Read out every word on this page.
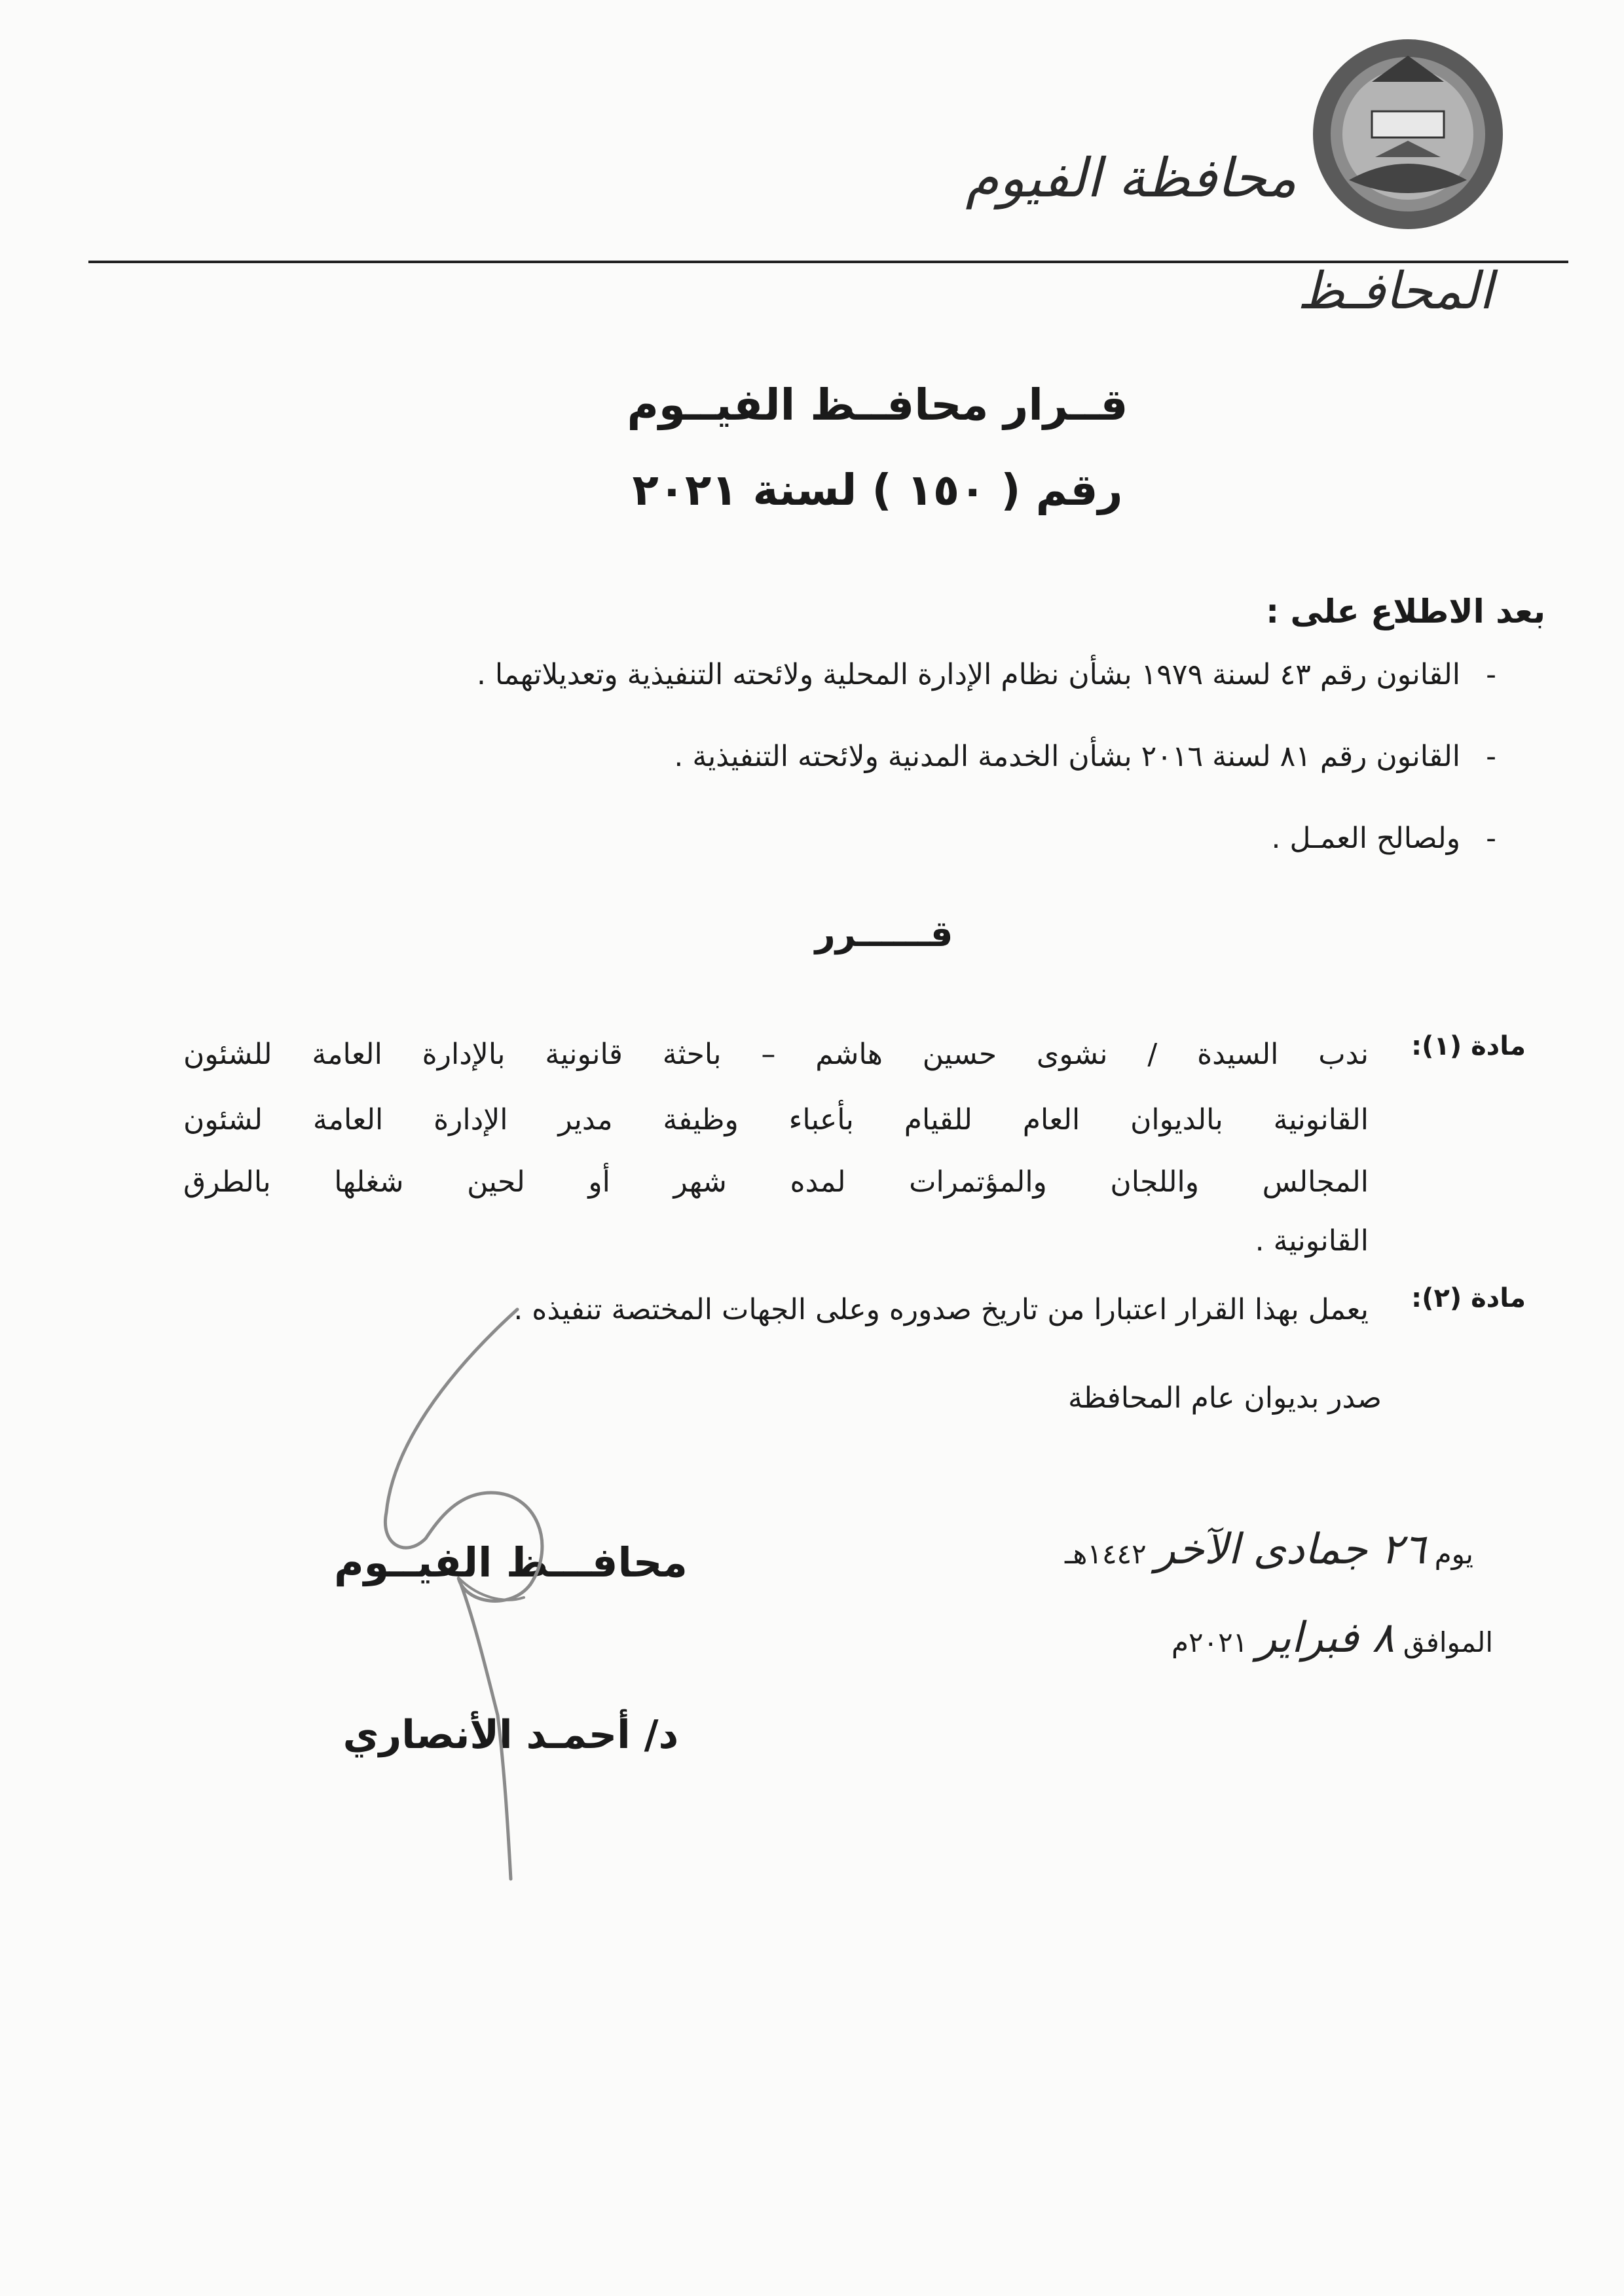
محافظة الفيوم
المحافـظ
قــرار محافــظ الفيــوم
رقم ( ١٥٠ ) لسنة ٢٠٢١
بعد الاطلاع على :
-
القانون رقم ٤٣ لسنة ١٩٧٩ بشأن نظام الإدارة المحلية ولائحته التنفيذية وتعديلاتهما .
-
القانون رقم ٨١ لسنة ٢٠١٦ بشأن الخدمة المدنية ولائحته التنفيذية .
-
ولصالح العمـل .
قــــــرر
مادة (١):
ندب السيدة / نشوى حسين هاشم – باحثة قانونية بالإدارة العامة للشئون
القانونية بالديوان العام للقيام بأعباء وظيفة مدير الإدارة العامة لشئون
المجالس واللجان والمؤتمرات لمده شهر أو لحين شغلها بالطرق
القانونية .
مادة (٢):
يعمل بهذا القرار اعتبارا من تاريخ صدوره وعلى الجهات المختصة تنفيذه .
صدر بديوان عام المحافظة
يوم ٢٦ جمادى الآخر ١٤٤٢هـ
الموافق ٨ فبراير ٢٠٢١م
محافـــظ الفيــوم
د/ أحمـد الأنصاري
